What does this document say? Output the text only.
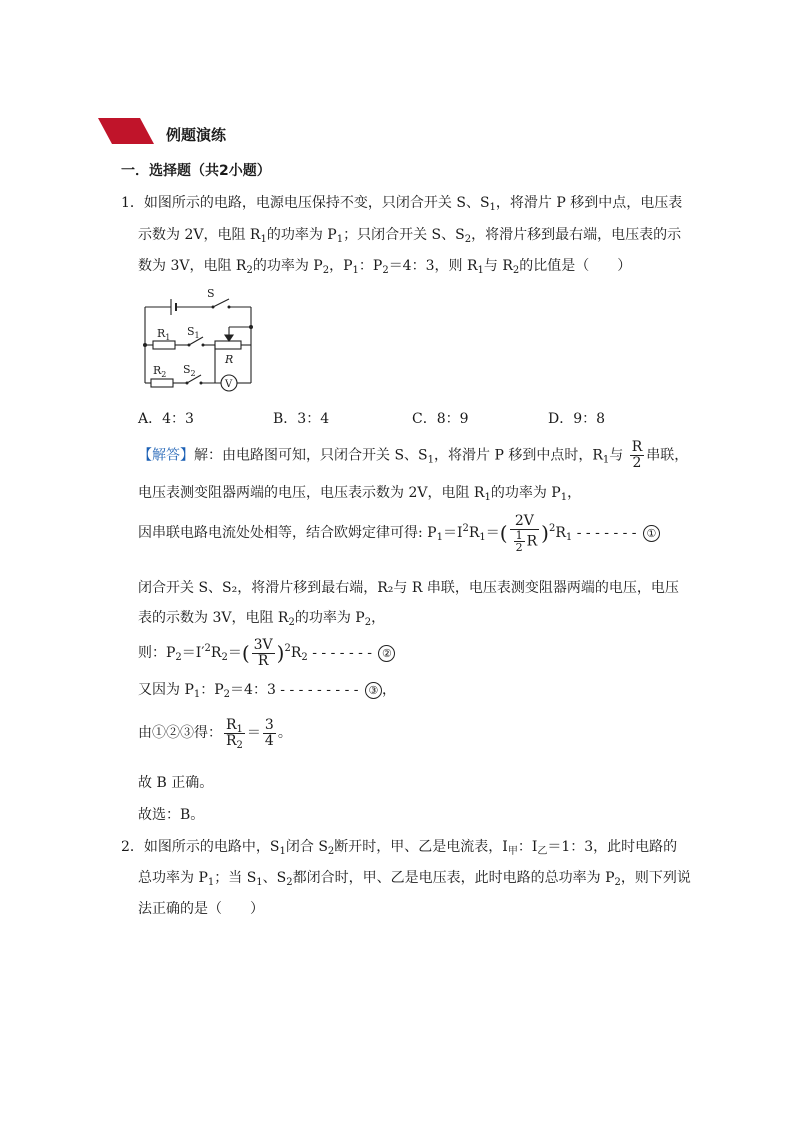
例题演练
一．选择题（共2小题）
1．如图所示的电路，电源电压保持不变，只闭合开关 S、$S_1$，将滑片 P 移到中点，电压表
示数为 2V，电阻 $R_1$的功率为 $P_1$；只闭合开关 S、$S_2$，将滑片移到最右端，电压表的示
数为 3V，电阻 $R_2$的功率为 $P_2$，$P_1$：$P_2=4$：3，则 $R_1$与 $R_2$的比值是（　　）
S
$R_1$ $S_1$
R
$R_2$ $S_2$
V
A．4：3	B．3：4	C．8：9	D．9：8
【解答】解：由电路图可知，只闭合开关 S、$S_1$，将滑片 P 移到中点时，$R_1$与 $\frac{R}{2}$ 串联，
电压表测变阻器两端的电压，电压表示数为 2V，电阻 $R_1$的功率为 $P_1$，
因串联电路电流处处相等，结合欧姆定律可得: $P_1=I^2R_1=( \frac{2V}{\frac{1}{2} R} )^2R_1$ - - - - - - - ①
闭合开关 S、S₂，将滑片移到最右端，R₂与 R 串联，电压表测变阻器两端的电压，电压
表的示数为 3V，电阻 $R_2$的功率为 $P_2$，
则：$P_2=I'^2R_2=( \frac{3V}{R} )^2R_2$ - - - - - - - ②
又因为 $P_1$：$P_2=4$：3 - - - - - - - - - ③ ，
由①②③得： $\frac{R_1}{R_2} = \frac{3}{4}$ 。
故 B 正确。
故选：B。
2．如图所示的电路中，$S_1$闭合 $S_2$断开时，甲、乙是电流表，$I_甲$：$I_乙=1$：3，此时电路的
总功率为 $P_1$；当 $S_1$、$S_2$都闭合时，甲、乙是电压表，此时电路的总功率为 $P_2$，则下列说
法正确的是（　　）
